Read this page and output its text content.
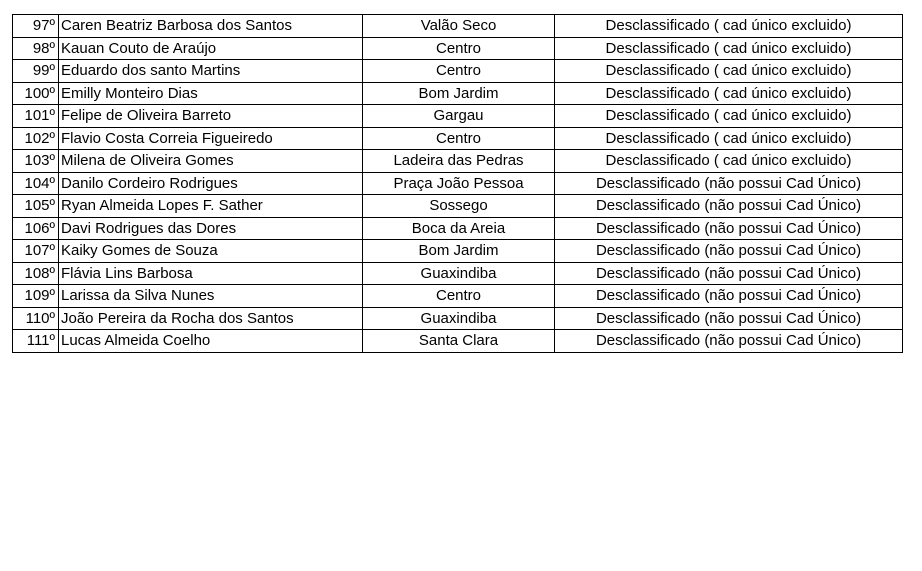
97º	Caren Beatriz Barbosa dos Santos	Valão Seco	Desclassificado ( cad único excluido)
98º	Kauan Couto de Araújo	Centro	Desclassificado ( cad único excluido)
99º	Eduardo dos santo Martins	Centro	Desclassificado ( cad único excluido)
100º	Emilly Monteiro Dias	Bom Jardim	Desclassificado ( cad único excluido)
101º	Felipe de Oliveira Barreto	Gargau	Desclassificado ( cad único excluido)
102º	Flavio Costa Correia Figueiredo	Centro	Desclassificado ( cad único excluido)
103º	Milena de Oliveira Gomes	Ladeira das Pedras	Desclassificado ( cad único excluido)
104º	Danilo Cordeiro Rodrigues	Praça João Pessoa	Desclassificado (não possui Cad Único)
105º	Ryan Almeida Lopes F. Sather	Sossego	Desclassificado (não possui Cad Único)
106º	Davi Rodrigues das Dores	Boca da Areia	Desclassificado (não possui Cad Único)
107º	Kaiky Gomes de Souza	Bom Jardim	Desclassificado (não possui Cad Único)
108º	Flávia Lins Barbosa	Guaxindiba	Desclassificado (não possui Cad Único)
109º	Larissa da Silva Nunes	Centro	Desclassificado (não possui Cad Único)
110º	João Pereira da Rocha dos Santos	Guaxindiba	Desclassificado (não possui Cad Único)
111º	Lucas Almeida Coelho	Santa Clara	Desclassificado (não possui Cad Único)
